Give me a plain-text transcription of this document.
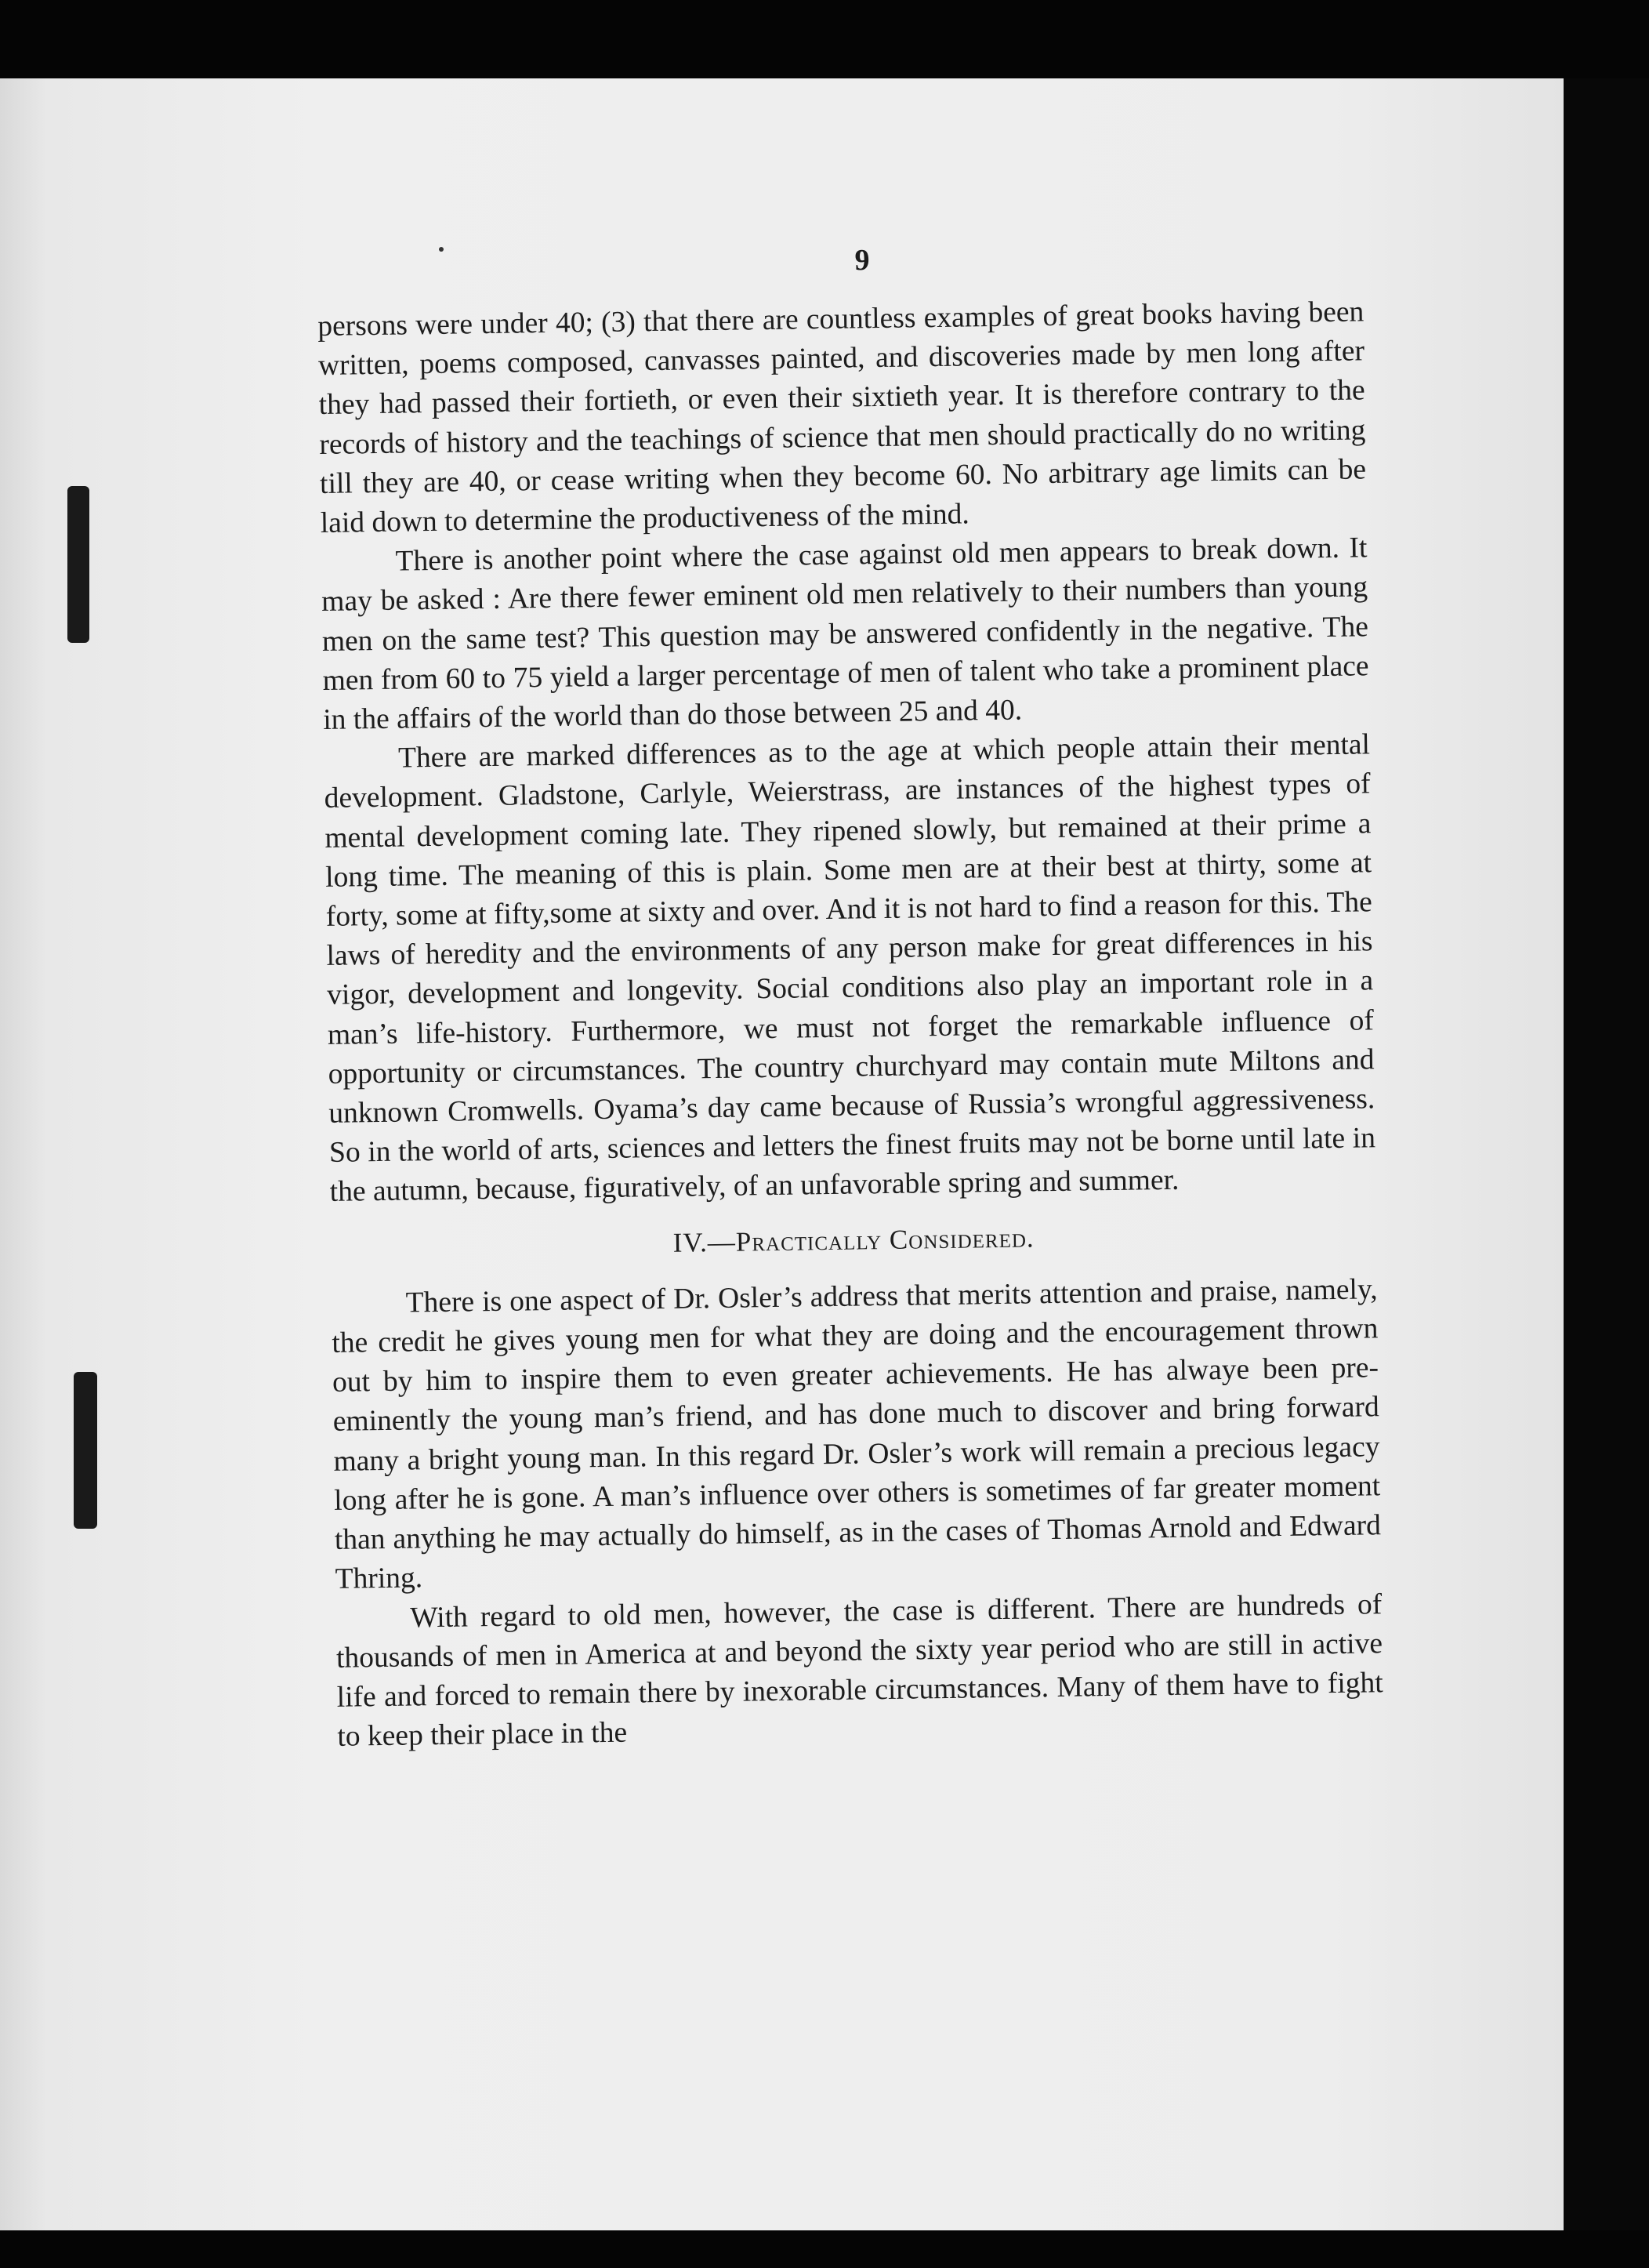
9

persons were under 40; (3) that there are countless examples of great books having been written, poems composed, canvasses painted, and discoveries made by men long after they had passed their fortieth, or even their sixtieth year. It is therefore contrary to the records of history and the teachings of science that men should practically do no writing till they are 40, or cease writing when they become 60. No arbitrary age limits can be laid down to determine the productiveness of the mind.

There is another point where the case against old men appears to break down. It may be asked : Are there fewer eminent old men relatively to their numbers than young men on the same test? This question may be answered confidently in the negative. The men from 60 to 75 yield a larger percentage of men of talent who take a prominent place in the affairs of the world than do those between 25 and 40.

There are marked differences as to the age at which people attain their mental development. Gladstone, Carlyle, Weierstrass, are instances of the highest types of mental development coming late. They ripened slowly, but remained at their prime a long time. The meaning of this is plain. Some men are at their best at thirty, some at forty, some at fifty,some at sixty and over. And it is not hard to find a reason for this. The laws of heredity and the environments of any person make for great differences in his vigor, development and longevity. Social conditions also play an important role in a man’s life-history. Furthermore, we must not forget the remarkable influence of opportunity or circumstances. The country churchyard may contain mute Miltons and unknown Cromwells. Oyama’s day came because of Russia’s wrongful aggressiveness. So in the world of arts, sciences and letters the finest fruits may not be borne until late in the autumn, because, figuratively, of an unfavorable spring and summer.

IV.—Practically Considered.

There is one aspect of Dr. Osler’s address that merits attention and praise, namely, the credit he gives young men for what they are doing and the encouragement thrown out by him to inspire them to even greater achievements. He has alwaye been pre-eminently the young man’s friend, and has done much to discover and bring forward many a bright young man. In this regard Dr. Osler’s work will remain a precious legacy long after he is gone. A man’s influence over others is sometimes of far greater moment than anything he may actually do himself, as in the cases of Thomas Arnold and Edward Thring.

With regard to old men, however, the case is different. There are hundreds of thousands of men in America at and beyond the sixty year period who are still in active life and forced to remain there by inexorable circumstances. Many of them have to fight to keep their place in the
